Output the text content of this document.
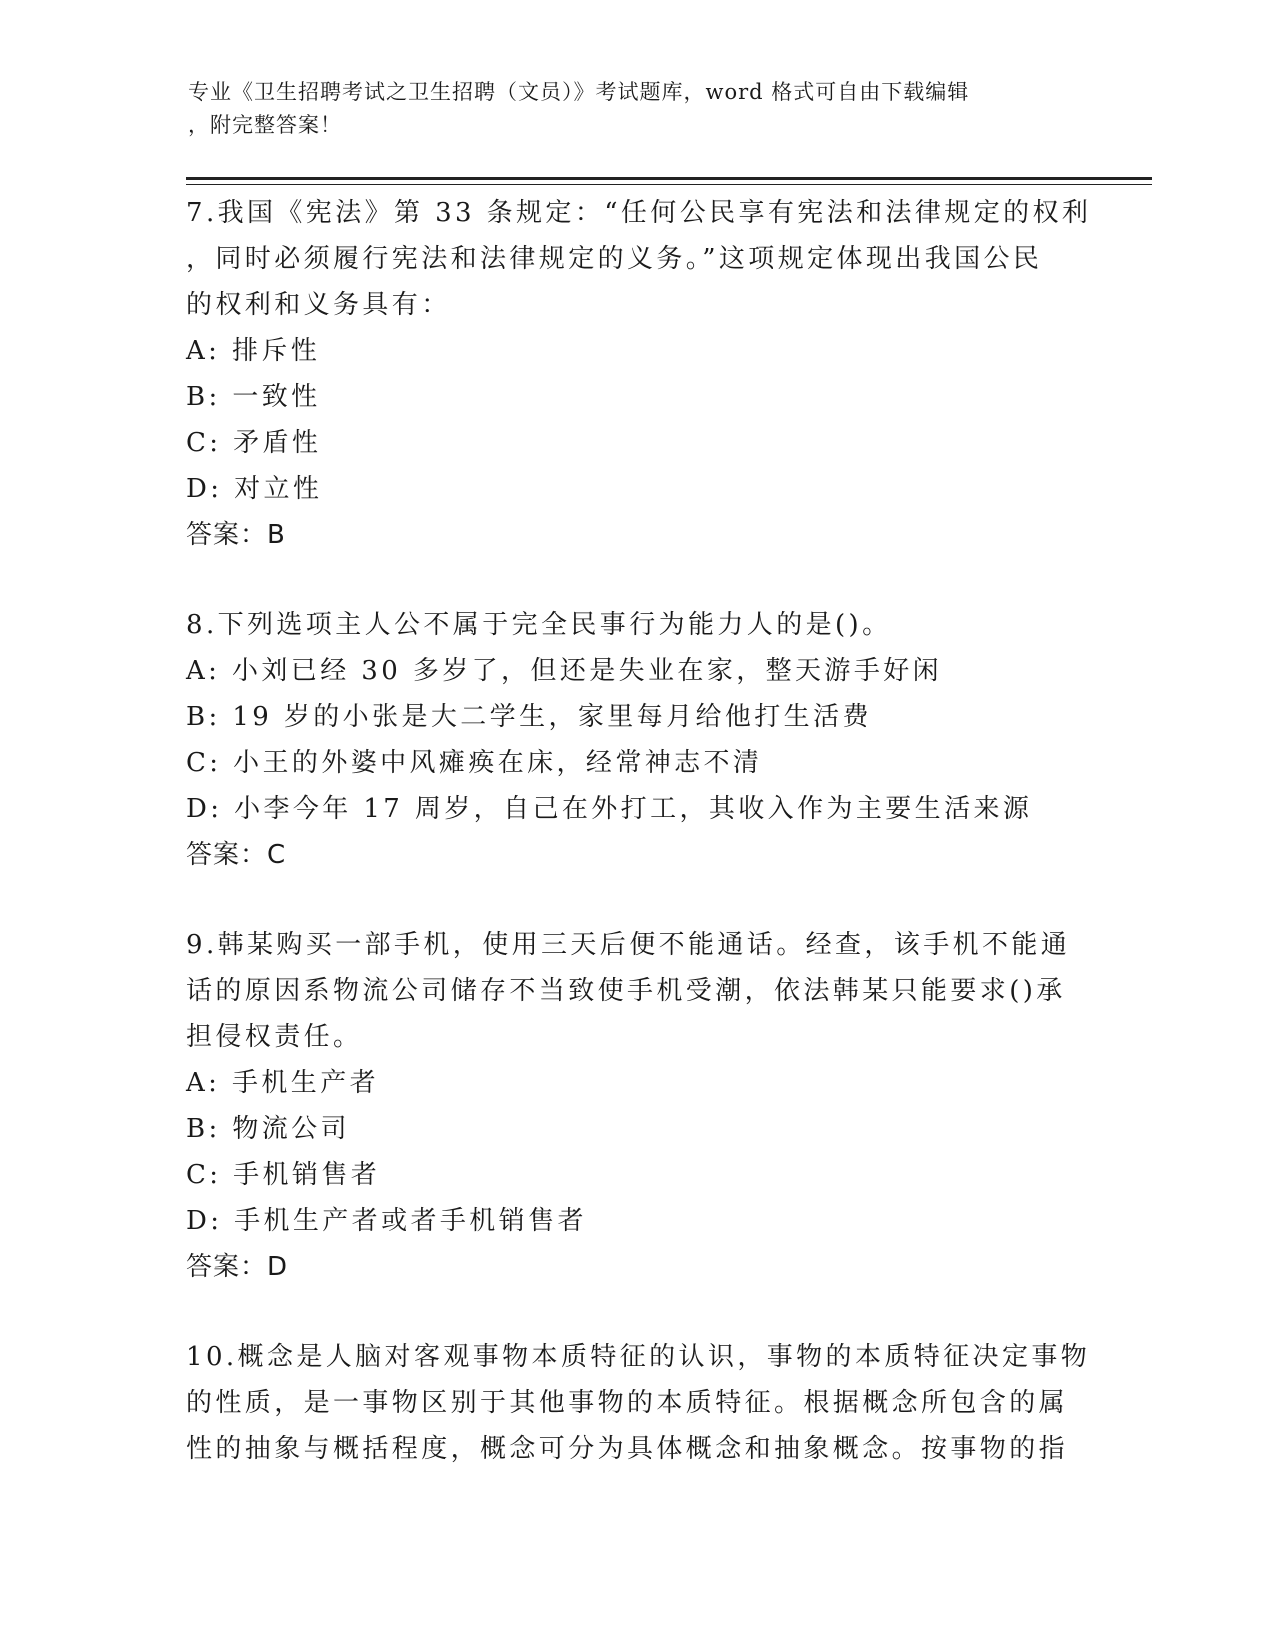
专业《卫生招聘考试之卫生招聘（文员）》考试题库，word 格式可自由下载编辑
，附完整答案！
7.我国《宪法》第 33 条规定：“任何公民享有宪法和法律规定的权利
，同时必须履行宪法和法律规定的义务。”这项规定体现出我国公民
的权利和义务具有：
A: 排斥性
B: 一致性
C: 矛盾性
D: 对立性
答案：B
8.下列选项主人公不属于完全民事行为能力人的是()。
A: 小刘已经 30 多岁了，但还是失业在家，整天游手好闲
B: 19 岁的小张是大二学生，家里每月给他打生活费
C: 小王的外婆中风瘫痪在床，经常神志不清
D: 小李今年 17 周岁，自己在外打工，其收入作为主要生活来源
答案：C
9.韩某购买一部手机，使用三天后便不能通话。经查，该手机不能通
话的原因系物流公司储存不当致使手机受潮，依法韩某只能要求()承
担侵权责任。
A: 手机生产者
B: 物流公司
C: 手机销售者
D: 手机生产者或者手机销售者
答案：D
10.概念是人脑对客观事物本质特征的认识，事物的本质特征决定事物
的性质，是一事物区别于其他事物的本质特征。根据概念所包含的属
性的抽象与概括程度，概念可分为具体概念和抽象概念。按事物的指
